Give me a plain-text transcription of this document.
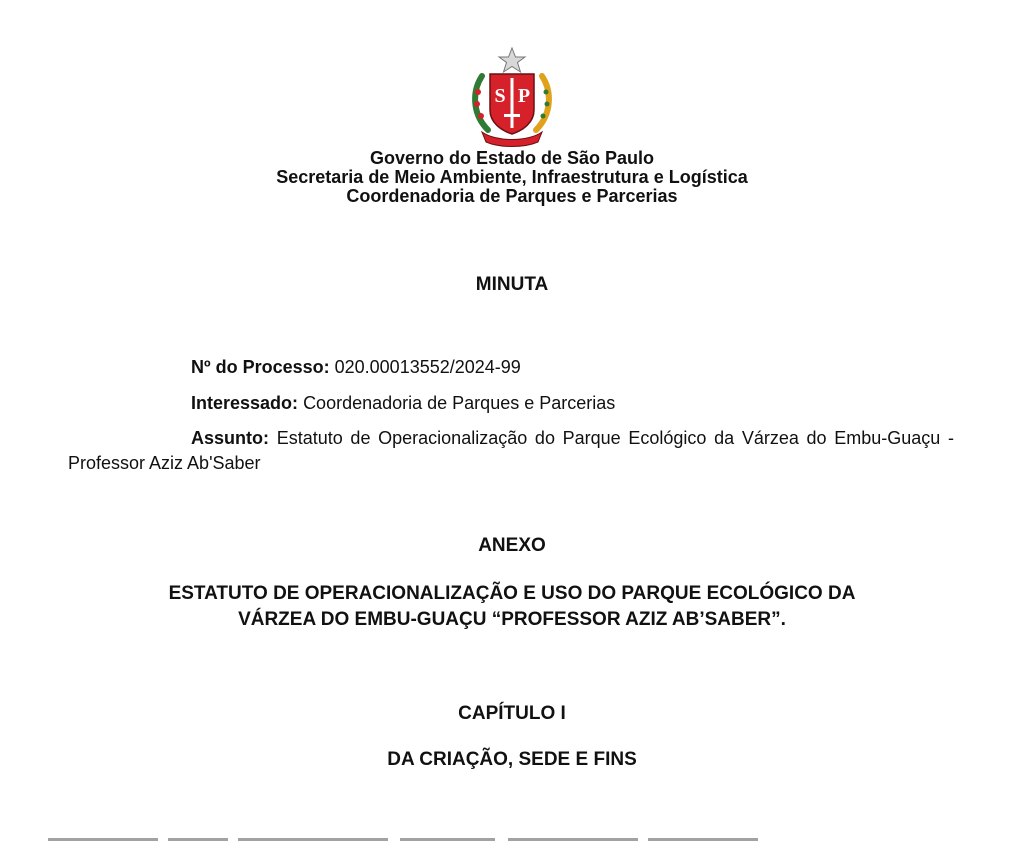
S P
Governo do Estado de São Paulo
Secretaria de Meio Ambiente, Infraestrutura e Logística
Coordenadoria de Parques e Parcerias
MINUTA
Nº do Processo: 020.00013552/2024-99
Interessado: Coordenadoria de Parques e Parcerias
Assunto: Estatuto de Operacionalização do Parque Ecológico da Várzea do Embu-Guaçu - Professor Aziz Ab'Saber
ANEXO
ESTATUTO DE OPERACIONALIZAÇÃO E USO DO PARQUE ECOLÓGICO DA
VÁRZEA DO EMBU-GUAÇU “PROFESSOR AZIZ AB’SABER”.
CAPÍTULO I
DA CRIAÇÃO, SEDE E FINS
